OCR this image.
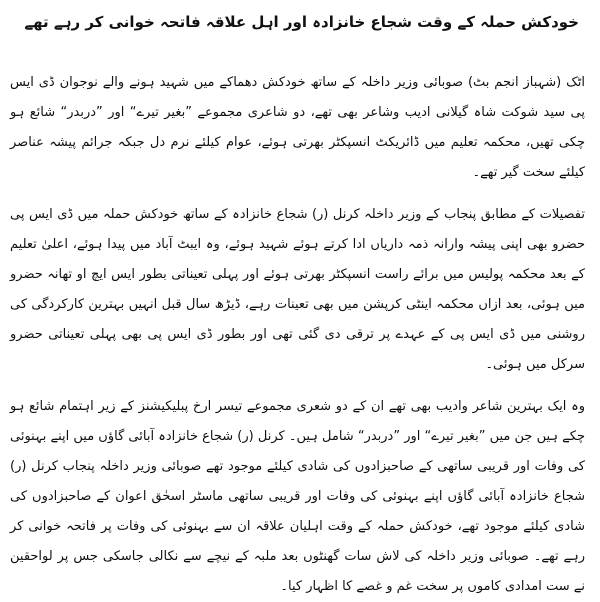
خودکش حملہ کے وقت شجاع خانزادہ اور اہل علاقہ فاتحہ خوانی کر رہے تھے

اٹک (شہباز انجم بٹ) صوبائی وزیر داخلہ کے ساتھ خودکش دھماکے میں شہید ہونے والے نوجوان ڈی ایس پی سید شوکت شاہ گیلانی ادیب وشاعر بھی تھے، دو شاعری مجموعے ”بغیر تیرے“ اور ”دربدر“ شائع ہو چکی تھیں، محکمہ تعلیم میں ڈائریکٹ انسپکٹر بھرتی ہوئے، عوام کیلئے نرم دل جبکہ جرائم پیشہ عناصر کیلئے سخت گیر تھے۔

تفصیلات کے مطابق پنجاب کے وزیر داخلہ کرنل (ر) شجاع خانزادہ کے ساتھ خودکش حملہ میں ڈی ایس پی حضرو بھی اپنی پیشہ وارانہ ذمہ داریاں ادا کرتے ہوئے شہید ہوئے، وہ ایبٹ آباد میں پیدا ہوئے، اعلیٰ تعلیم کے بعد محکمہ پولیس میں برائے راست انسپکٹر بھرتی ہوئے اور پہلی تعیناتی بطور ایس ایچ او تھانہ حضرو میں ہوئی، بعد ازاں محکمہ اینٹی کرپشن میں بھی تعینات رہے، ڈیڑھ سال قبل انہیں بہترین کارکردگی کی روشنی میں ڈی ایس پی کے عہدے پر ترقی دی گئی تھی اور بطور ڈی ایس پی بھی پہلی تعیناتی حضرو سرکل میں ہوئی۔

وہ ایک بہترین شاعر وادیب بھی تھے ان کے دو شعری مجموعے تیسر ارخ پبلیکیشنز کے زیر اہتمام شائع ہو چکے ہیں جن میں ”بغیر تیرے“ اور ”دربدر“ شامل ہیں۔ کرنل (ر) شجاع خانزادہ آبائی گاؤں میں اپنے بہنوئی کی وفات اور قریبی ساتھی کے صاحبزادوں کی شادی کیلئے موجود تھے صوبائی وزیر داخلہ پنجاب کرنل (ر) شجاع خانزادہ آبائی گاؤں اپنے بہنوئی کی وفات اور قریبی ساتھی ماسٹر اسحٰق اعوان کے صاحبزادوں کی شادی کیلئے موجود تھے، خودکش حملہ کے وقت اہلیان علاقہ ان سے بہنوئی کی وفات پر فاتحہ خوانی کر رہے تھے۔ صوبائی وزیر داخلہ کی لاش سات گھنٹوں بعد ملبہ کے نیچے سے نکالی جاسکی جس پر لواحقین نے ست امدادی کاموں پر سخت غم و غصے کا اظہار کیا۔
